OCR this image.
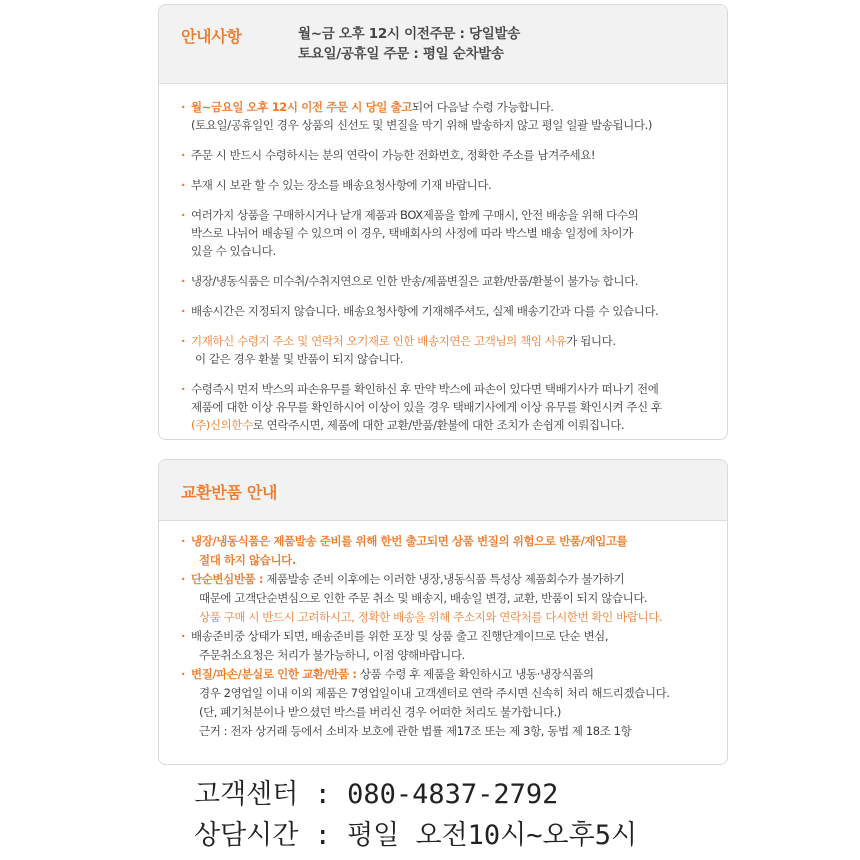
안내사항	월~금 오후 12시 이전주문 : 당일발송
토요일/공휴일 주문 : 평일 순차발송
· 월~금요일 오후 12시 이전 주문 시 당일 출고되어 다음날 수령 가능합니다.
(토요일/공휴일인 경우 상품의 신선도 및 변질을 막기 위해 발송하지 않고 평일 일괄 발송됩니다.)
· 주문 시 반드시 수령하시는 분의 연락이 가능한 전화번호, 정확한 주소를 남겨주세요!
· 부재 시 보관 할 수 있는 장소를 배송요청사항에 기재 바랍니다.
· 여러가지 상품을 구매하시거나 낱개 제품과 BOX제품을 함께 구매시, 안전 배송을 위해 다수의
박스로 나뉘어 배송될 수 있으며 이 경우, 택배회사의 사정에 따라 박스별 배송 일정에 차이가
있을 수 있습니다.
· 냉장/냉동식품은 미수취/수취지연으로 인한 반송/제품변질은 교환/반품/환불이 불가능 합니다.
· 배송시간은 지정되지 않습니다. 배송요청사항에 기재해주셔도, 실제 배송기간과 다를 수 있습니다.
· 기재하신 수령지 주소 및 연락처 오기재로 인한 배송지연은 고객님의 책임 사유가 됩니다.
이 같은 경우 환불 및 반품이 되지 않습니다.
· 수령즉시 먼저 박스의 파손유무를 확인하신 후 만약 박스에 파손이 있다면 택배기사가 떠나기 전에
제품에 대한 이상 유무를 확인하시어 이상이 있을 경우 택배기사에게 이상 유무를 확인시켜 주신 후
(주)신의한수로 연락주시면, 제품에 대한 교환/반품/환불에 대한 조치가 손쉽게 이뤄집니다.
교환반품 안내
· 냉장/냉동식품은 제품발송 준비를 위해 한번 출고되면 상품 변질의 위험으로 반품/재입고를
절대 하지 않습니다.
· 단순변심반품 : 제품발송 준비 이후에는 이러한 냉장,냉동식품 특성상 제품회수가 불가하기
때문에 고객단순변심으로 인한 주문 취소 및 배송지, 배송일 변경, 교환, 반품이 되지 않습니다.
상품 구매 시 반드시 고려하시고, 정확한 배송을 위해 주소지와 연락처를 다시한번 확인 바랍니다.
· 배송준비중 상태가 되면, 배송준비를 위한 포장 및 상품 출고 진행단계이므로 단순 변심,
주문취소요청은 처리가 불가능하니, 이점 양해바랍니다.
· 변질/파손/분실로 인한 교환/반품 : 상품 수령 후 제품을 확인하시고 냉동·냉장식품의
경우 2영업일 이내 이외 제품은 7영업일이내 고객센터로 연락 주시면 신속히 처리 해드리겠습니다.
(단, 폐기처분이나 받으셨던 박스를 버리신 경우 어떠한 처리도 불가합니다.)
근거 : 전자 상거래 등에서 소비자 보호에 관한 법률 제17조 또는 제 3항, 동법 제 18조 1항
고객센터 : 080-4837-2792
상담시간 : 평일 오전10시~오후5시
